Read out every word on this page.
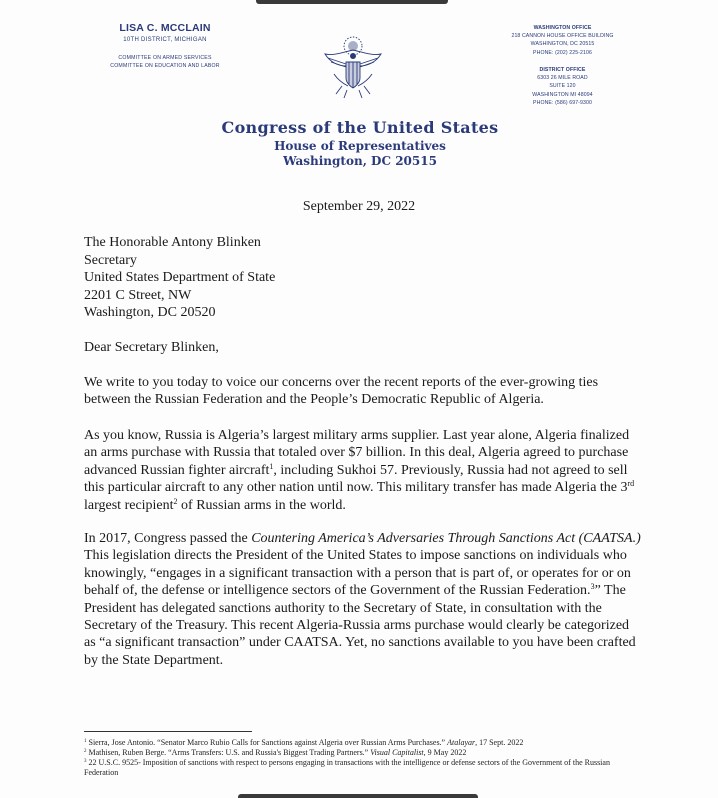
LISA C. MCCLAIN
10TH DISTRICT, MICHIGAN
COMMITTEE ON ARMED SERVICES
COMMITTEE ON EDUCATION AND LABOR
WASHINGTON OFFICE
218 CANNON HOUSE OFFICE BUILDING
WASHINGTON, DC 20515
PHONE: (202) 225-2106
DISTRICT OFFICE
6303 26 MILE ROAD
SUITE 120
WASHINGTON MI 48094
PHONE: (586) 697-9300
Congress of the United States
House of Representatives
Washington, DC 20515
September 29, 2022
The Honorable Antony Blinken
Secretary
United States Department of State
2201 C Street, NW
Washington, DC 20520
Dear Secretary Blinken,
We write to you today to voice our concerns over the recent reports of the ever-growing ties between the Russian Federation and the People’s Democratic Republic of Algeria.
As you know, Russia is Algeria’s largest military arms supplier. Last year alone, Algeria finalized an arms purchase with Russia that totaled over $7 billion. In this deal, Algeria agreed to purchase advanced Russian fighter aircraft$^1$, including Sukhoi 57. Previously, Russia had not agreed to sell this particular aircraft to any other nation until now. This military transfer has made Algeria the 3rd largest recipient$^2$ of Russian arms in the world.
In 2017, Congress passed the Countering America’s Adversaries Through Sanctions Act (CAATSA.) This legislation directs the President of the United States to impose sanctions on individuals who knowingly, “engages in a significant transaction with a person that is part of, or operates for or on behalf of, the defense or intelligence sectors of the Government of the Russian Federation.$^3$” The President has delegated sanctions authority to the Secretary of State, in consultation with the Secretary of the Treasury. This recent Algeria-Russia arms purchase would clearly be categorized as “a significant transaction” under CAATSA. Yet, no sanctions available to you have been crafted by the State Department.
$^1$ Sierra, Jose Antonio. “Senator Marco Rubio Calls for Sanctions against Algeria over Russian Arms Purchases.” Atalayar, 17 Sept. 2022
$^2$ Mathisen, Ruben Berge. “Arms Transfers: U.S. and Russia's Biggest Trading Partners.” Visual Capitalist, 9 May 2022
$^3$ 22 U.S.C. 9525- Imposition of sanctions with respect to persons engaging in transactions with the intelligence or defense sectors of the Government of the Russian Federation
